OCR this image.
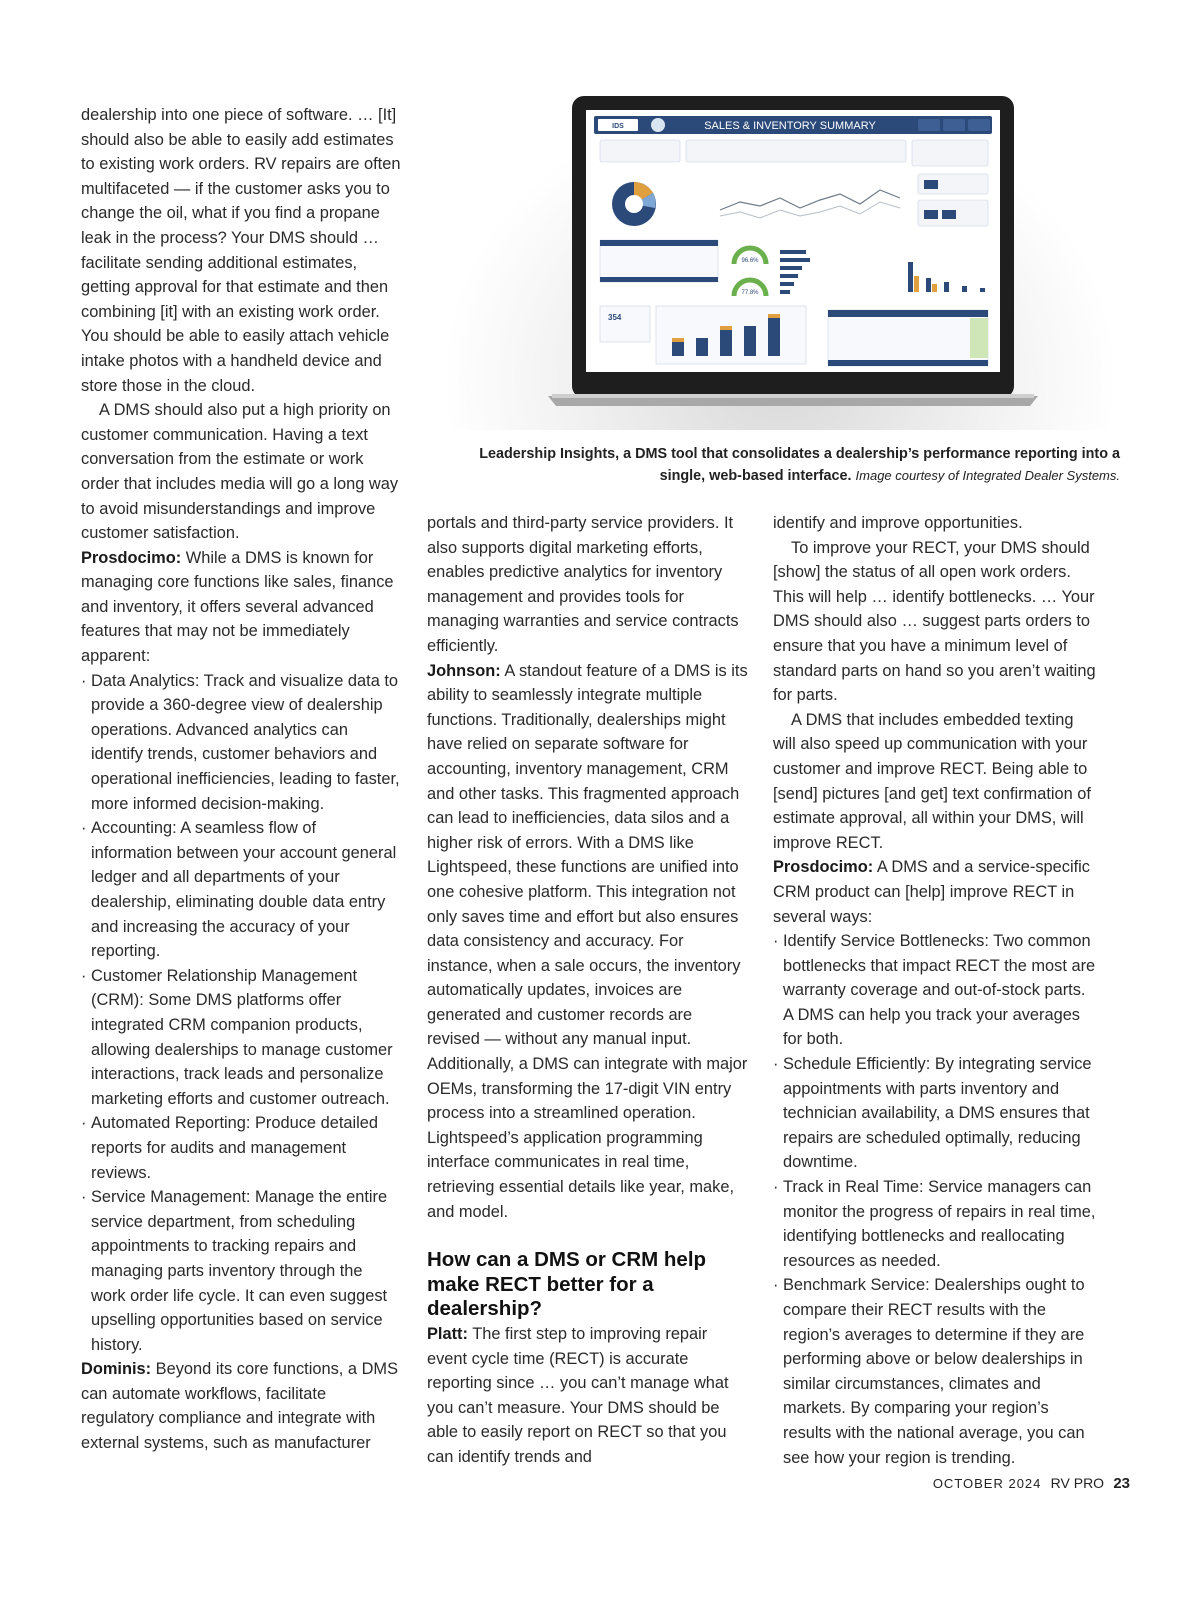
dealership into one piece of software. … [It] should also be able to easily add estimates to existing work orders. RV repairs are often multifaceted — if the customer asks you to change the oil, what if you find a propane leak in the process? Your DMS should … facilitate sending additional estimates, getting approval for that estimate and then combining [it] with an existing work order. You should be able to easily attach vehicle intake photos with a handheld device and store those in the cloud.

A DMS should also put a high priority on customer communication. Having a text conversation from the estimate or work order that includes media will go a long way to avoid misunderstandings and improve customer satisfaction.

Prosdocimo: While a DMS is known for managing core functions like sales, finance and inventory, it offers several advanced features that may not be immediately apparent:

· Data Analytics: Track and visualize data to provide a 360-degree view of dealership operations. Advanced analytics can identify trends, customer behaviors and operational inefficiencies, leading to faster, more informed decision-making.
· Accounting: A seamless flow of information between your account general ledger and all departments of your dealership, eliminating double data entry and increasing the accuracy of your reporting.
· Customer Relationship Management (CRM): Some DMS platforms offer integrated CRM companion products, allowing dealerships to manage customer interactions, track leads and personalize marketing efforts and customer outreach.
· Automated Reporting: Produce detailed reports for audits and management reviews.
· Service Management: Manage the entire service department, from scheduling appointments to tracking repairs and managing parts inventory through the work order life cycle. It can even suggest upselling opportunities based on service history.

Dominis: Beyond its core functions, a DMS can automate workflows, facilitate regulatory compliance and integrate with external systems, such as manufacturer

IDS	SALES & INVENTORY SUMMARY
96.6%
77.8%
354
Leadership Insights, a DMS tool that consolidates a dealership’s performance reporting into a single, web-based interface. Image courtesy of Integrated Dealer Systems.

portals and third-party service providers. It also supports digital marketing efforts, enables predictive analytics for inventory management and provides tools for managing warranties and service contracts efficiently.

Johnson: A standout feature of a DMS is its ability to seamlessly integrate multiple functions. Traditionally, dealerships might have relied on separate software for accounting, inventory management, CRM and other tasks. This fragmented approach can lead to inefficiencies, data silos and a higher risk of errors. With a DMS like Lightspeed, these functions are unified into one cohesive platform. This integration not only saves time and effort but also ensures data consistency and accuracy. For instance, when a sale occurs, the inventory automatically updates, invoices are generated and customer records are revised — without any manual input. Additionally, a DMS can integrate with major OEMs, transforming the 17-digit VIN entry process into a streamlined operation. Lightspeed’s application programming interface communicates in real time, retrieving essential details like year, make, and model.

How can a DMS or CRM help make RECT better for a dealership?

Platt: The first step to improving repair event cycle time (RECT) is accurate reporting since … you can’t manage what you can’t measure. Your DMS should be able to easily report on RECT so that you can identify trends and

identify and improve opportunities.

To improve your RECT, your DMS should [show] the status of all open work orders. This will help … identify bottlenecks. … Your DMS should also … suggest parts orders to ensure that you have a minimum level of standard parts on hand so you aren’t waiting for parts.

A DMS that includes embedded texting will also speed up communication with your customer and improve RECT. Being able to [send] pictures [and get] text confirmation of estimate approval, all within your DMS, will improve RECT.

Prosdocimo: A DMS and a service-specific CRM product can [help] improve RECT in several ways:

· Identify Service Bottlenecks: Two common bottlenecks that impact RECT the most are warranty coverage and out-of-stock parts. A DMS can help you track your averages for both.
· Schedule Efficiently: By integrating service appointments with parts inventory and technician availability, a DMS ensures that repairs are scheduled optimally, reducing downtime.
· Track in Real Time: Service managers can monitor the progress of repairs in real time, identifying bottlenecks and reallocating resources as needed.
· Benchmark Service: Dealerships ought to compare their RECT results with the region’s averages to determine if they are performing above or below dealerships in similar circumstances, climates and markets. By comparing your region’s results with the national average, you can see how your region is trending.
OCTOBER 2024 RV PRO 23
